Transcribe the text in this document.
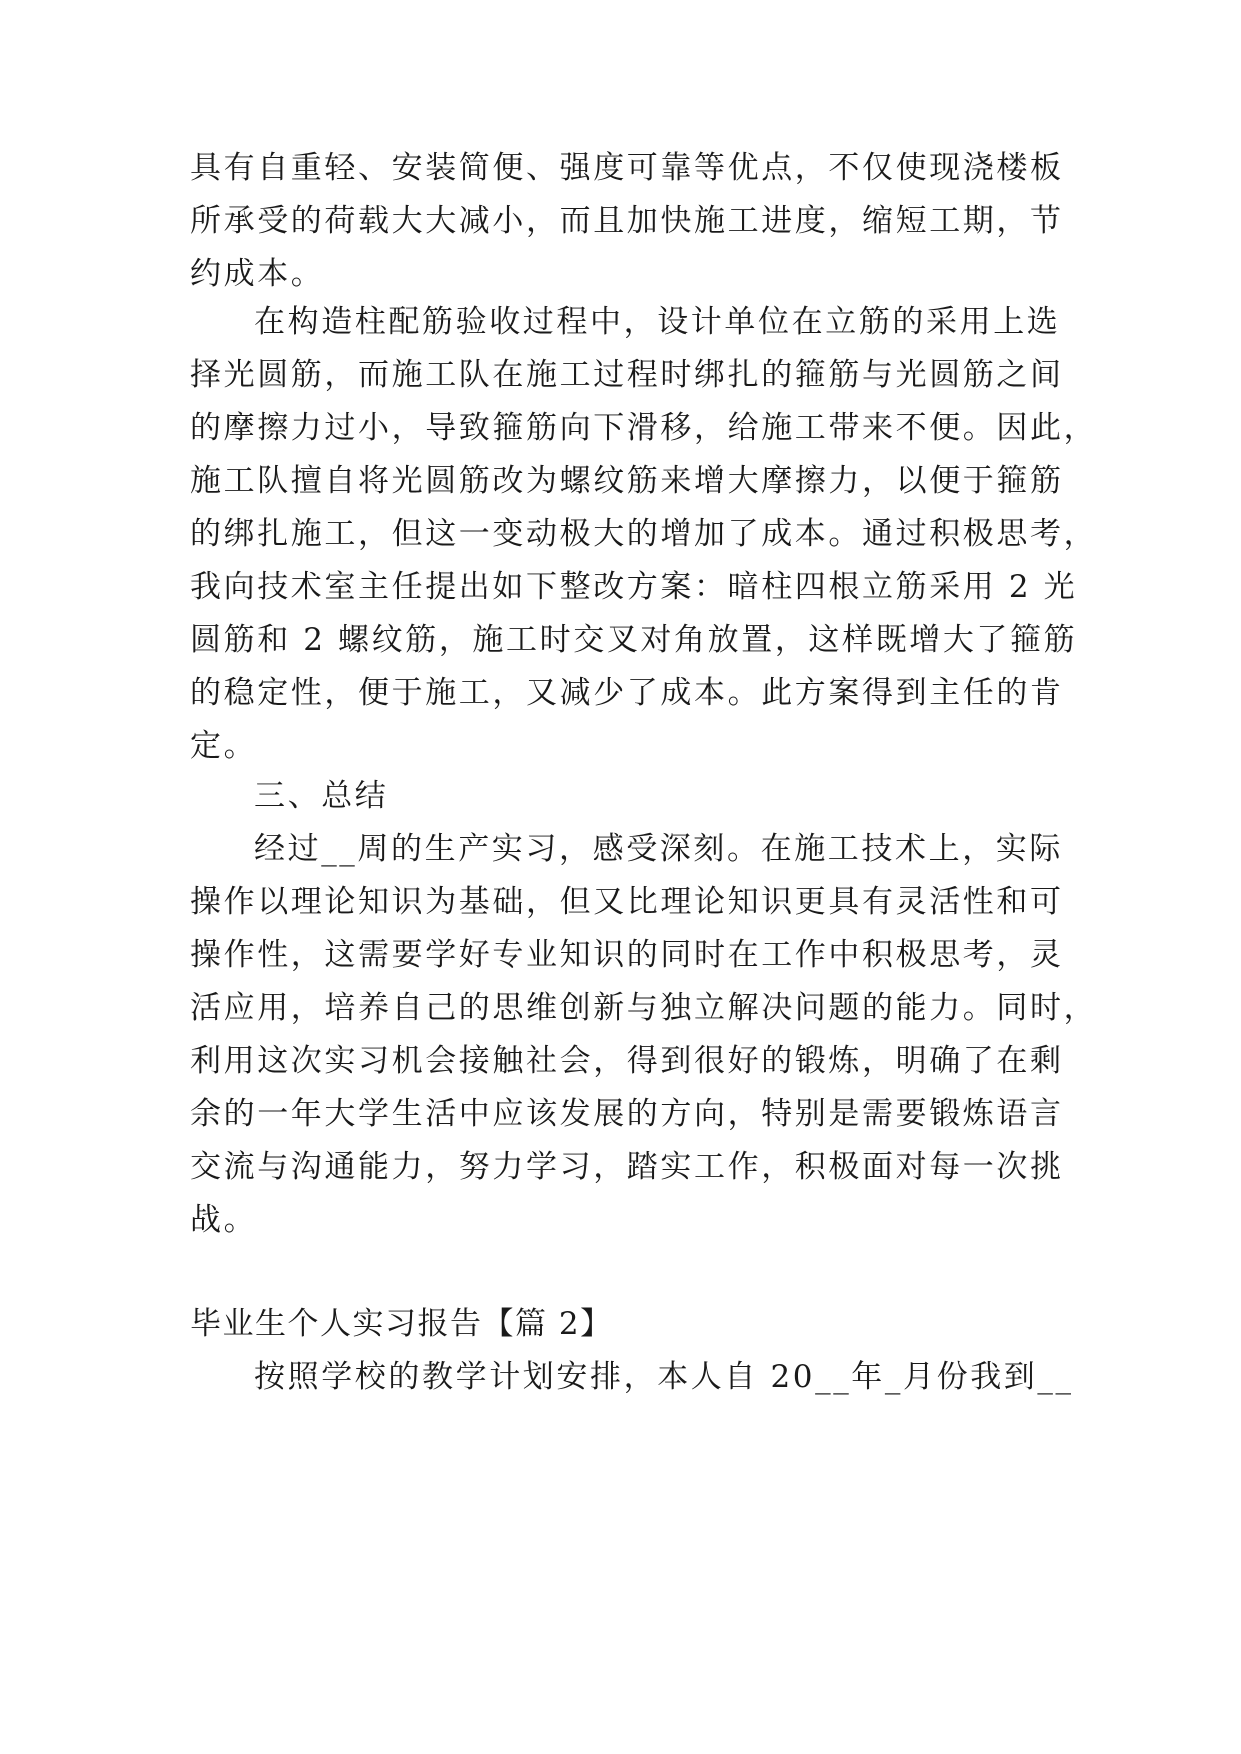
具有自重轻、安装简便、强度可靠等优点，不仅使现浇楼板
所承受的荷载大大减小，而且加快施工进度，缩短工期，节
约成本。
在构造柱配筋验收过程中，设计单位在立筋的采用上选
择光圆筋，而施工队在施工过程时绑扎的箍筋与光圆筋之间
的摩擦力过小，导致箍筋向下滑移，给施工带来不便。因此，
施工队擅自将光圆筋改为螺纹筋来增大摩擦力，以便于箍筋
的绑扎施工，但这一变动极大的增加了成本。通过积极思考，
我向技术室主任提出如下整改方案：暗柱四根立筋采用 2 光
圆筋和 2 螺纹筋，施工时交叉对角放置，这样既增大了箍筋
的稳定性，便于施工，又减少了成本。此方案得到主任的肯
定。
三、总结
经过__周的生产实习，感受深刻。在施工技术上，实际
操作以理论知识为基础，但又比理论知识更具有灵活性和可
操作性，这需要学好专业知识的同时在工作中积极思考，灵
活应用，培养自己的思维创新与独立解决问题的能力。同时，
利用这次实习机会接触社会，得到很好的锻炼，明确了在剩
余的一年大学生活中应该发展的方向，特别是需要锻炼语言
交流与沟通能力，努力学习，踏实工作，积极面对每一次挑
战。
毕业生个人实习报告【篇 2】
按照学校的教学计划安排，本人自 20__年_月份我到__
